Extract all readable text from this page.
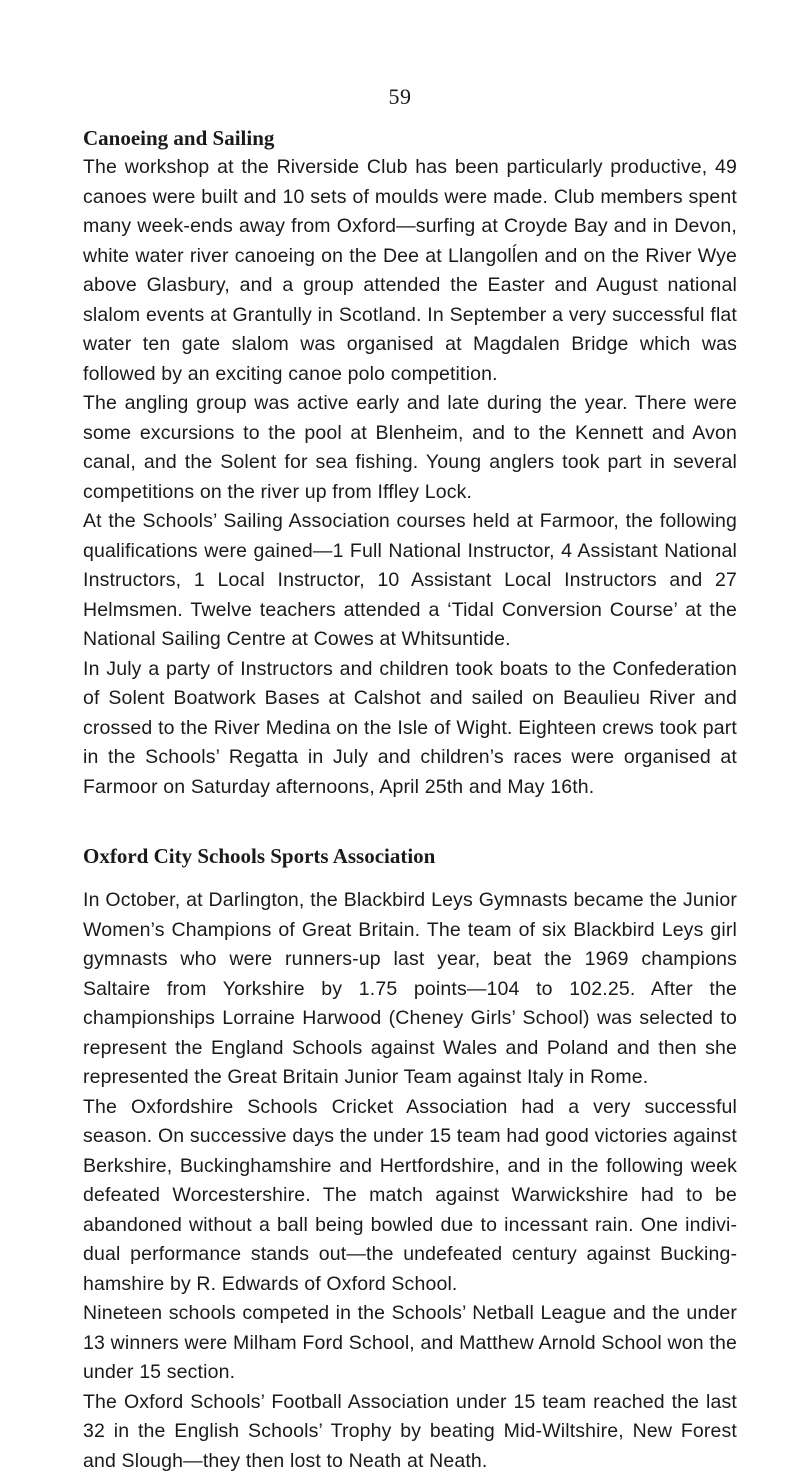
59
Canoeing and Sailing

The workshop at the Riverside Club has been particularly productive, 49 canoes were built and 10 sets of moulds were made. Club members spent many week-ends away from Oxford—surfing at Croyde Bay and in Devon, white water river canoeing on the Dee at Llangolĺen and on the River Wye above Glasbury, and a group attended the Easter and August national slalom events at Grantully in Scotland. In September a very successful flat water ten gate slalom was organised at Magdalen Bridge which was followed by an exciting canoe polo competition.

The angling group was active early and late during the year. There were some excursions to the pool at Blenheim, and to the Kennett and Avon canal, and the Solent for sea fishing. Young anglers took part in several competitions on the river up from Iffley Lock.

At the Schools’ Sailing Association courses held at Farmoor, the following qualifications were gained—1 Full National Instructor, 4 Assistant National Instructors, 1 Local Instructor, 10 Assistant Local Instructors and 27 Helmsmen. Twelve teachers attended a ‘Tidal Conversion Course’ at the National Sailing Centre at Cowes at Whitsuntide.

In July a party of Instructors and children took boats to the Confederation of Solent Boatwork Bases at Calshot and sailed on Beaulieu River and crossed to the River Medina on the Isle of Wight. Eighteen crews took part in the Schools’ Regatta in July and children’s races were organised at Farmoor on Saturday afternoons, April 25th and May 16th.

Oxford City Schools Sports Association

In October, at Darlington, the Blackbird Leys Gymnasts became the Junior Women’s Champions of Great Britain. The team of six Blackbird Leys girl gymnasts who were runners-up last year, beat the 1969 champions Saltaire from Yorkshire by 1.75 points—104 to 102.25. After the championships Lorraine Harwood (Cheney Girls’ School) was selected to represent the England Schools against Wales and Poland and then she represented the Great Britain Junior Team against Italy in Rome.

The Oxfordshire Schools Cricket Association had a very successful season. On successive days the under 15 team had good victories against Berkshire, Buckinghamshire and Hertfordshire, and in the following week defeated Worcestershire. The match against Warwickshire had to be abandoned without a ball being bowled due to incessant rain. One individual performance stands out—the undefeated century against Buckinghamshire by R. Edwards of Oxford School.

Nineteen schools competed in the Schools’ Netball League and the under 13 winners were Milham Ford School, and Matthew Arnold School won the under 15 section.

The Oxford Schools’ Football Association under 15 team reached the last 32 in the English Schools’ Trophy by beating Mid-Wiltshire, New Forest and Slough—they then lost to Neath at Neath.
